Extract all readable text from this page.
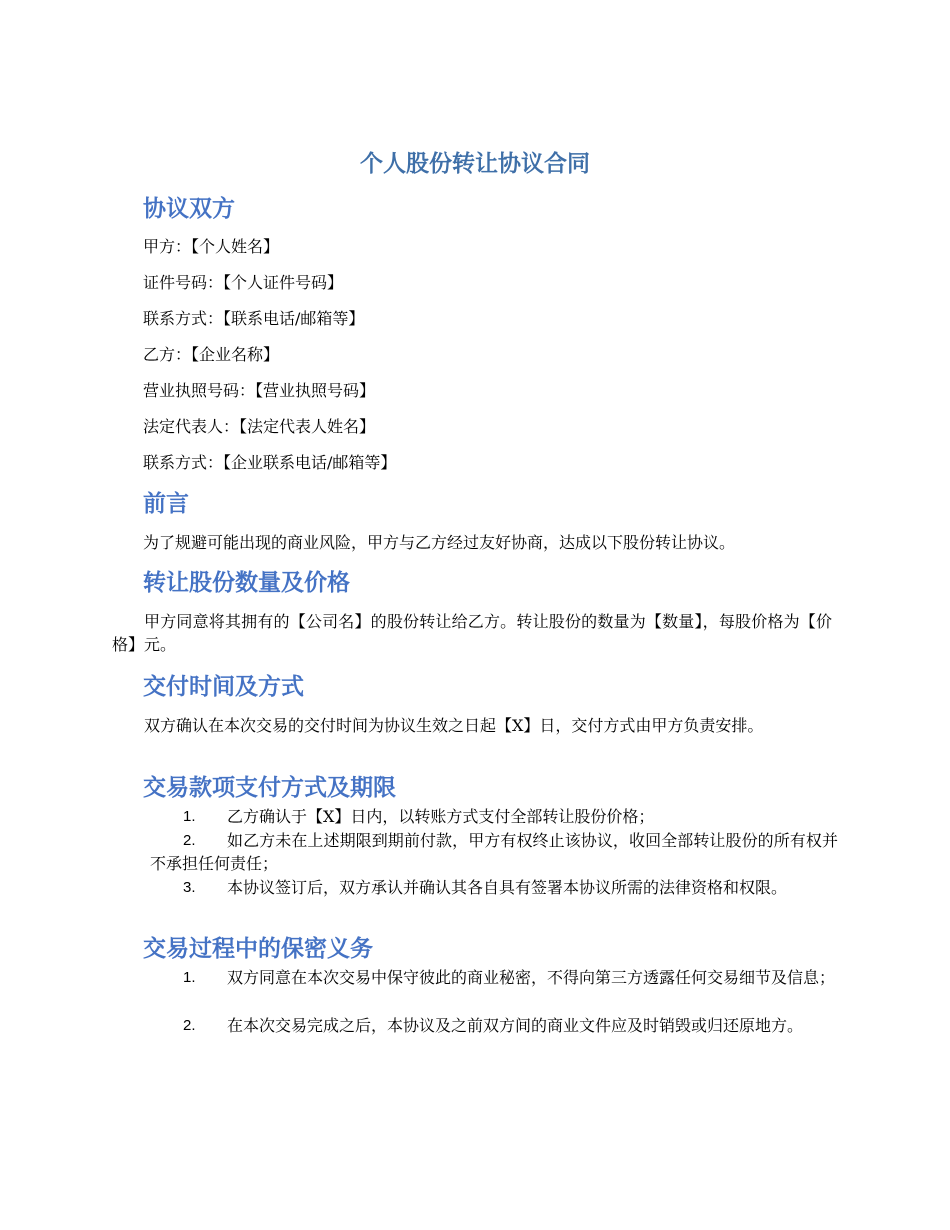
个人股份转让协议合同
协议双方
甲方：【个人姓名】
证件号码：【个人证件号码】
联系方式：【联系电话/邮箱等】
乙方：【企业名称】
营业执照号码：【营业执照号码】
法定代表人：【法定代表人姓名】
联系方式：【企业联系电话/邮箱等】
前言
为了规避可能出现的商业风险，甲方与乙方经过友好协商，达成以下股份转让协议。
转让股份数量及价格
甲方同意将其拥有的【公司名】的股份转让给乙方。转让股份的数量为【数量】，每股价格为【价格】元。
交付时间及方式
双方确认在本次交易的交付时间为协议生效之日起【X】日，交付方式由甲方负责安排。
交易款项支付方式及期限
1.	乙方确认于【X】日内，以转账方式支付全部转让股份价格；
2.	如乙方未在上述期限到期前付款，甲方有权终止该协议，收回全部转让股份的所有权并不承担任何责任；
3.	本协议签订后，双方承认并确认其各自具有签署本协议所需的法律资格和权限。
交易过程中的保密义务
1.	双方同意在本次交易中保守彼此的商业秘密，不得向第三方透露任何交易细节及信息；
2.	在本次交易完成之后，本协议及之前双方间的商业文件应及时销毁或归还原地方。
